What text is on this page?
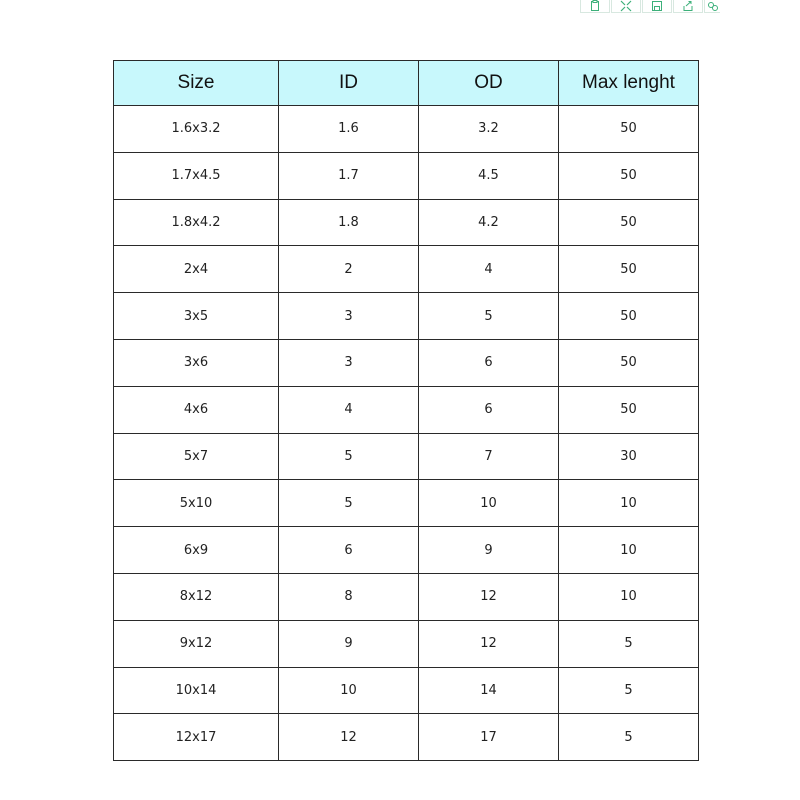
Size	ID	OD	Max lenght
1.6x3.2	1.6	3.2	50
1.7x4.5	1.7	4.5	50
1.8x4.2	1.8	4.2	50
2x4	2	4	50
3x5	3	5	50
3x6	3	6	50
4x6	4	6	50
5x7	5	7	30
5x10	5	10	10
6x9	6	9	10
8x12	8	12	10
9x12	9	12	5
10x14	10	14	5
12x17	12	17	5
